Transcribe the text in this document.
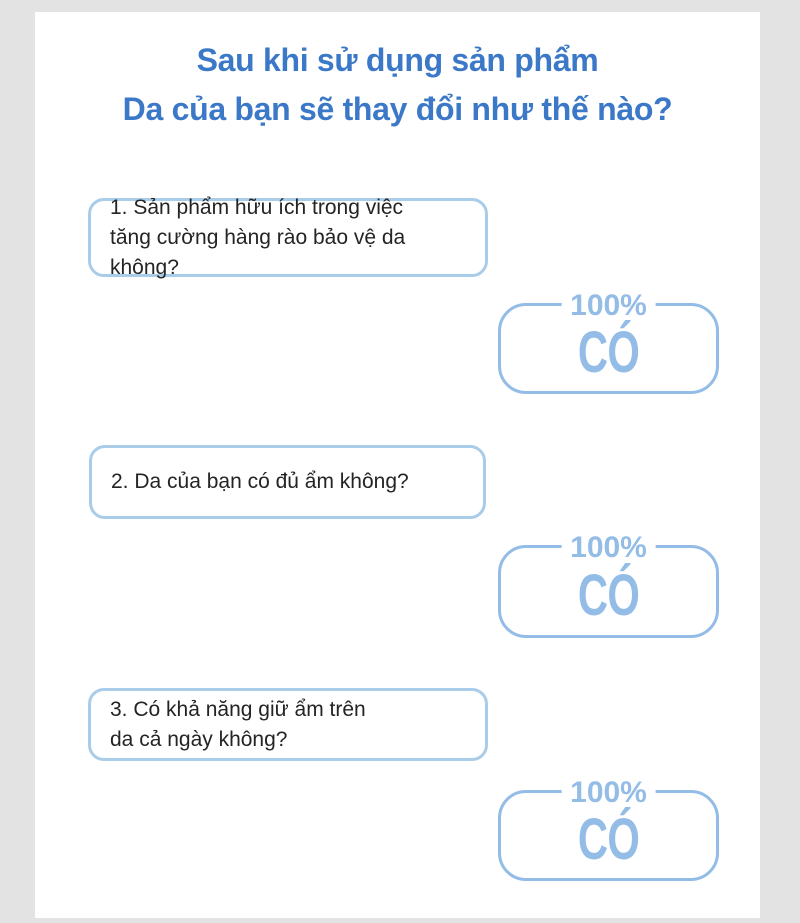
Sau khi sử dụng sản phẩm
Da của bạn sẽ thay đổi như thế nào?
1. Sản phẩm hữu ích trong việc
tăng cường hàng rào bảo vệ da không?
100%
CÓ
2. Da của bạn có đủ ẩm không?
100%
CÓ
3. Có khả năng giữ ẩm trên
da cả ngày không?
100%
CÓ
